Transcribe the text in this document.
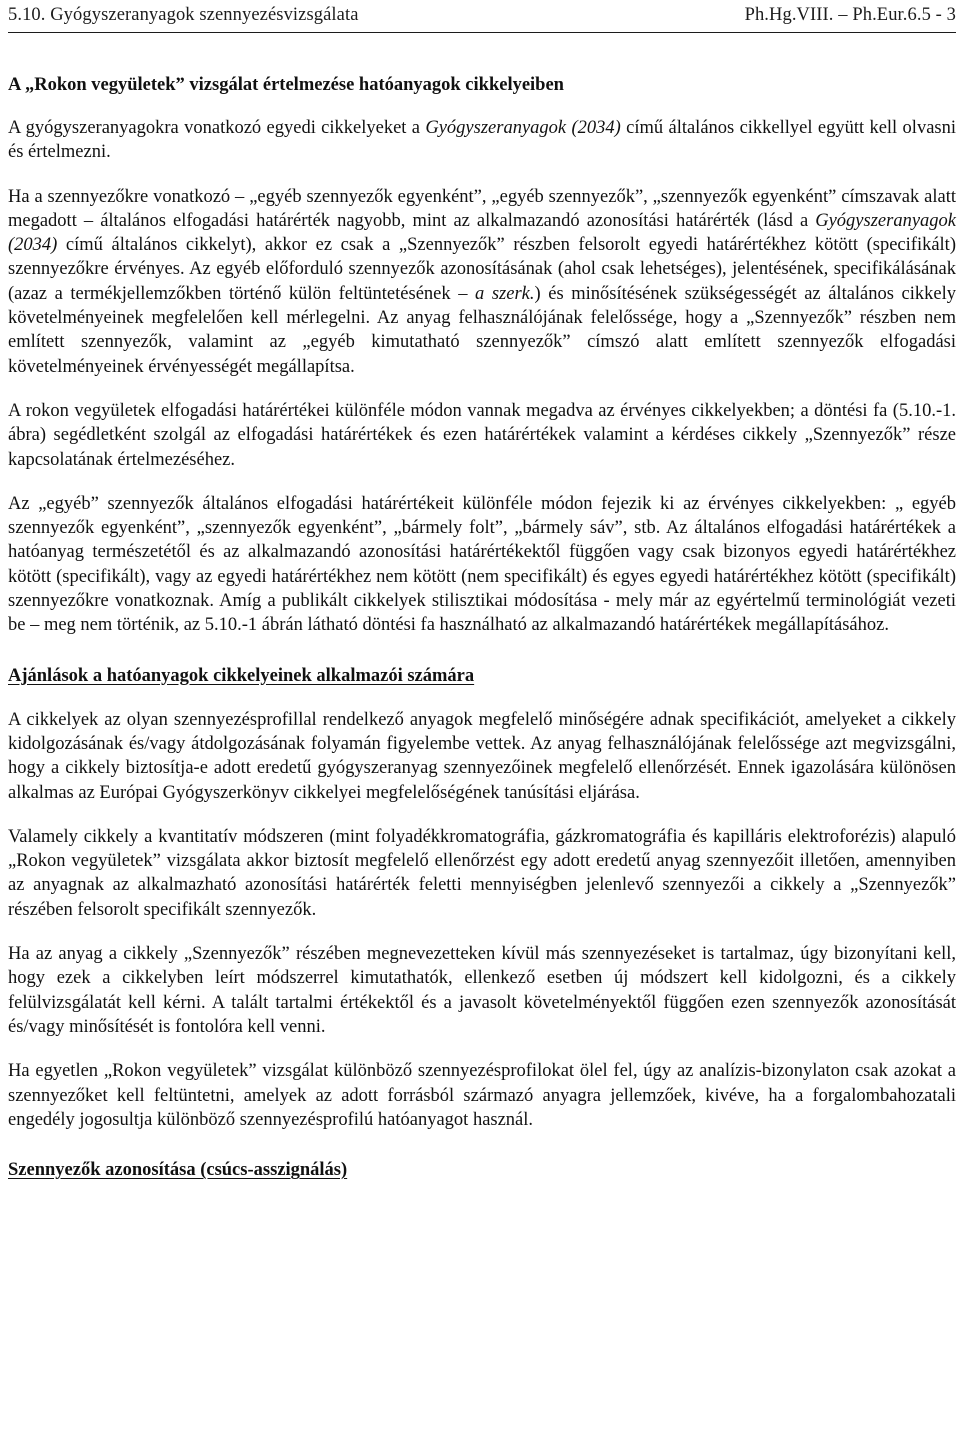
5.10. Gyógyszeranyagok szennyezésvizsgálata	Ph.Hg.VIII. – Ph.Eur.6.5 - 3
A „Rokon vegyületek” vizsgálat értelmezése hatóanyagok cikkelyeiben

A gyógyszeranyagokra vonatkozó egyedi cikkelyeket a Gyógyszeranyagok (2034) című általános cikkellyel együtt kell olvasni és értelmezni.

Ha a szennyezőkre vonatkozó – „egyéb szennyezők egyenként”, „egyéb szennyezők”, „szennyezők egyenként” címszavak alatt megadott – általános elfogadási határérték nagyobb, mint az alkalmazandó azonosítási határérték (lásd a Gyógyszeranyagok (2034) című általános cikkelyt), akkor ez csak a „Szennyezők” részben felsorolt egyedi határértékhez kötött (specifikált) szennyezőkre érvényes. Az egyéb előforduló szennyezők azonosításának (ahol csak lehetséges), jelentésének, specifikálásának (azaz a termékjellemzőkben történő külön feltüntetésének – a szerk.) és minősítésének szükségességét az általános cikkely követelményeinek megfelelően kell mérlegelni. Az anyag felhasználójának felelőssége, hogy a „Szennyezők” részben nem említett szennyezők, valamint az „egyéb kimutatható szennyezők” címszó alatt említett szennyezők elfogadási követelményeinek érvényességét megállapítsa.

A rokon vegyületek elfogadási határértékei különféle módon vannak megadva az érvényes cikkelyekben; a döntési fa (5.10.-1. ábra) segédletként szolgál az elfogadási határértékek és ezen határértékek valamint a kérdéses cikkely „Szennyezők” része kapcsolatának értelmezéséhez.

Az „egyéb” szennyezők általános elfogadási határértékeit különféle módon fejezik ki az érvényes cikkelyekben: „ egyéb szennyezők egyenként”, „szennyezők egyenként”, „bármely folt”, „bármely sáv”, stb. Az általános elfogadási határértékek a hatóanyag természetétől és az alkalmazandó azonosítási határértékektől függően vagy csak bizonyos egyedi határértékhez kötött (specifikált), vagy az egyedi határértékhez nem kötött (nem specifikált) és egyes egyedi határértékhez kötött (specifikált) szennyezőkre vonatkoznak. Amíg a publikált cikkelyek stilisztikai módosítása - mely már az egyértelmű terminológiát vezeti be – meg nem történik, az 5.10.-1 ábrán látható döntési fa használható az alkalmazandó határértékek megállapításához.

Ajánlások a hatóanyagok cikkelyeinek alkalmazói számára

A cikkelyek az olyan szennyezésprofillal rendelkező anyagok megfelelő minőségére adnak specifikációt, amelyeket a cikkely kidolgozásának és/vagy átdolgozásának folyamán figyelembe vettek. Az anyag felhasználójának felelőssége azt megvizsgálni, hogy a cikkely biztosítja-e adott eredetű gyógyszeranyag szennyezőinek megfelelő ellenőrzését. Ennek igazolására különösen alkalmas az Európai Gyógyszerkönyv cikkelyei megfelelőségének tanúsítási eljárása.

Valamely cikkely a kvantitatív módszeren (mint folyadékkromatográfia, gázkromatográfia és kapilláris elektroforézis) alapuló „Rokon vegyületek” vizsgálata akkor biztosít megfelelő ellenőrzést egy adott eredetű anyag szennyezőit illetően, amennyiben az anyagnak az alkalmazható azonosítási határérték feletti mennyiségben jelenlevő szennyezői a cikkely a „Szennyezők” részében felsorolt specifikált szennyezők.

Ha az anyag a cikkely „Szennyezők” részében megnevezetteken kívül más szennyezéseket is tartalmaz, úgy bizonyítani kell, hogy ezek a cikkelyben leírt módszerrel kimutathatók, ellenkező esetben új módszert kell kidolgozni, és a cikkely felülvizsgálatát kell kérni. A talált tartalmi értékektől és a javasolt követelményektől függően ezen szennyezők azonosítását és/vagy minősítését is fontolóra kell venni.

Ha egyetlen „Rokon vegyületek” vizsgálat különböző szennyezésprofilokat ölel fel, úgy az analízis-bizonylaton csak azokat a szennyezőket kell feltüntetni, amelyek az adott forrásból származó anyagra jellemzőek, kivéve, ha a forgalombahozatali engedély jogosultja különböző szennyezésprofilú hatóanyagot használ.

Szennyezők azonosítása (csúcs-asszignálás)
